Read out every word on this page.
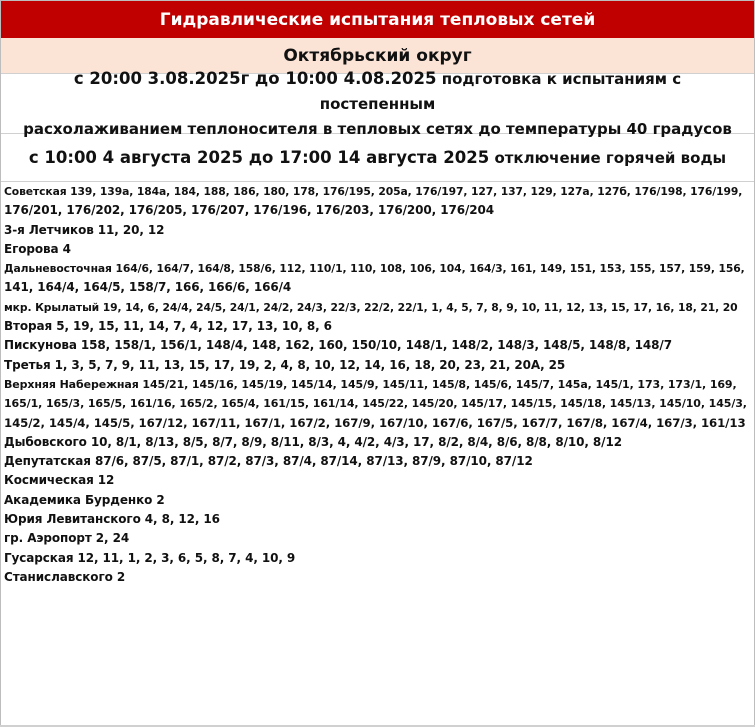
Гидравлические испытания тепловых сетей
Октябрьский округ

с 20:00 3.08.2025г до 10:00 4.08.2025 подготовка к испытаниям с постепенным
расхолаживанием теплоносителя в тепловых сетях до температуры 40 градусов

с 10:00 4 августа 2025 до 17:00 14 августа 2025 отключение горячей воды

Советская 139, 139а, 184а, 184, 188, 186, 180, 178, 176/195, 205а, 176/197, 127, 137, 129, 127а, 127б, 176/198, 176/199,
176/201, 176/202, 176/205, 176/207, 176/196, 176/203, 176/200, 176/204
3-я Летчиков 11, 20, 12
Егорова 4
Дальневосточная 164/6, 164/7, 164/8, 158/6, 112, 110/1, 110, 108, 106, 104, 164/3, 161, 149, 151, 153, 155, 157, 159, 156,
141, 164/4, 164/5, 158/7, 166, 166/6, 166/4
мкр. Крылатый 19, 14, 6, 24/4, 24/5, 24/1, 24/2, 24/3, 22/3, 22/2, 22/1, 1, 4, 5, 7, 8, 9, 10, 11, 12, 13, 15, 17, 16, 18, 21, 20
Вторая 5, 19, 15, 11, 14, 7, 4, 12, 17, 13, 10, 8, 6
Пискунова 158, 158/1, 156/1, 148/4, 148, 162, 160, 150/10, 148/1, 148/2, 148/3, 148/5, 148/8, 148/7
Третья 1, 3, 5, 7, 9, 11, 13, 15, 17, 19, 2, 4, 8, 10, 12, 14, 16, 18, 20, 23, 21, 20А, 25
Верхняя Набережная 145/21, 145/16, 145/19, 145/14, 145/9, 145/11, 145/8, 145/6, 145/7, 145а, 145/1, 173, 173/1, 169,
165/1, 165/3, 165/5, 161/16, 165/2, 165/4, 161/15, 161/14, 145/22, 145/20, 145/17, 145/15, 145/18, 145/13, 145/10, 145/3,
145/2, 145/4, 145/5, 167/12, 167/11, 167/1, 167/2, 167/9, 167/10, 167/6, 167/5, 167/7, 167/8, 167/4, 167/3, 161/13
Дыбовского 10, 8/1, 8/13, 8/5, 8/7, 8/9, 8/11, 8/3, 4, 4/2, 4/3, 17, 8/2, 8/4, 8/6, 8/8, 8/10, 8/12
Депутатская 87/6, 87/5, 87/1, 87/2, 87/3, 87/4, 87/14, 87/13, 87/9, 87/10, 87/12
Космическая 12
Академика Бурденко 2
Юрия Левитанского 4, 8, 12, 16
гр. Аэропорт 2, 24
Гусарская 12, 11, 1, 2, 3, 6, 5, 8, 7, 4, 10, 9
Станиславского 2
